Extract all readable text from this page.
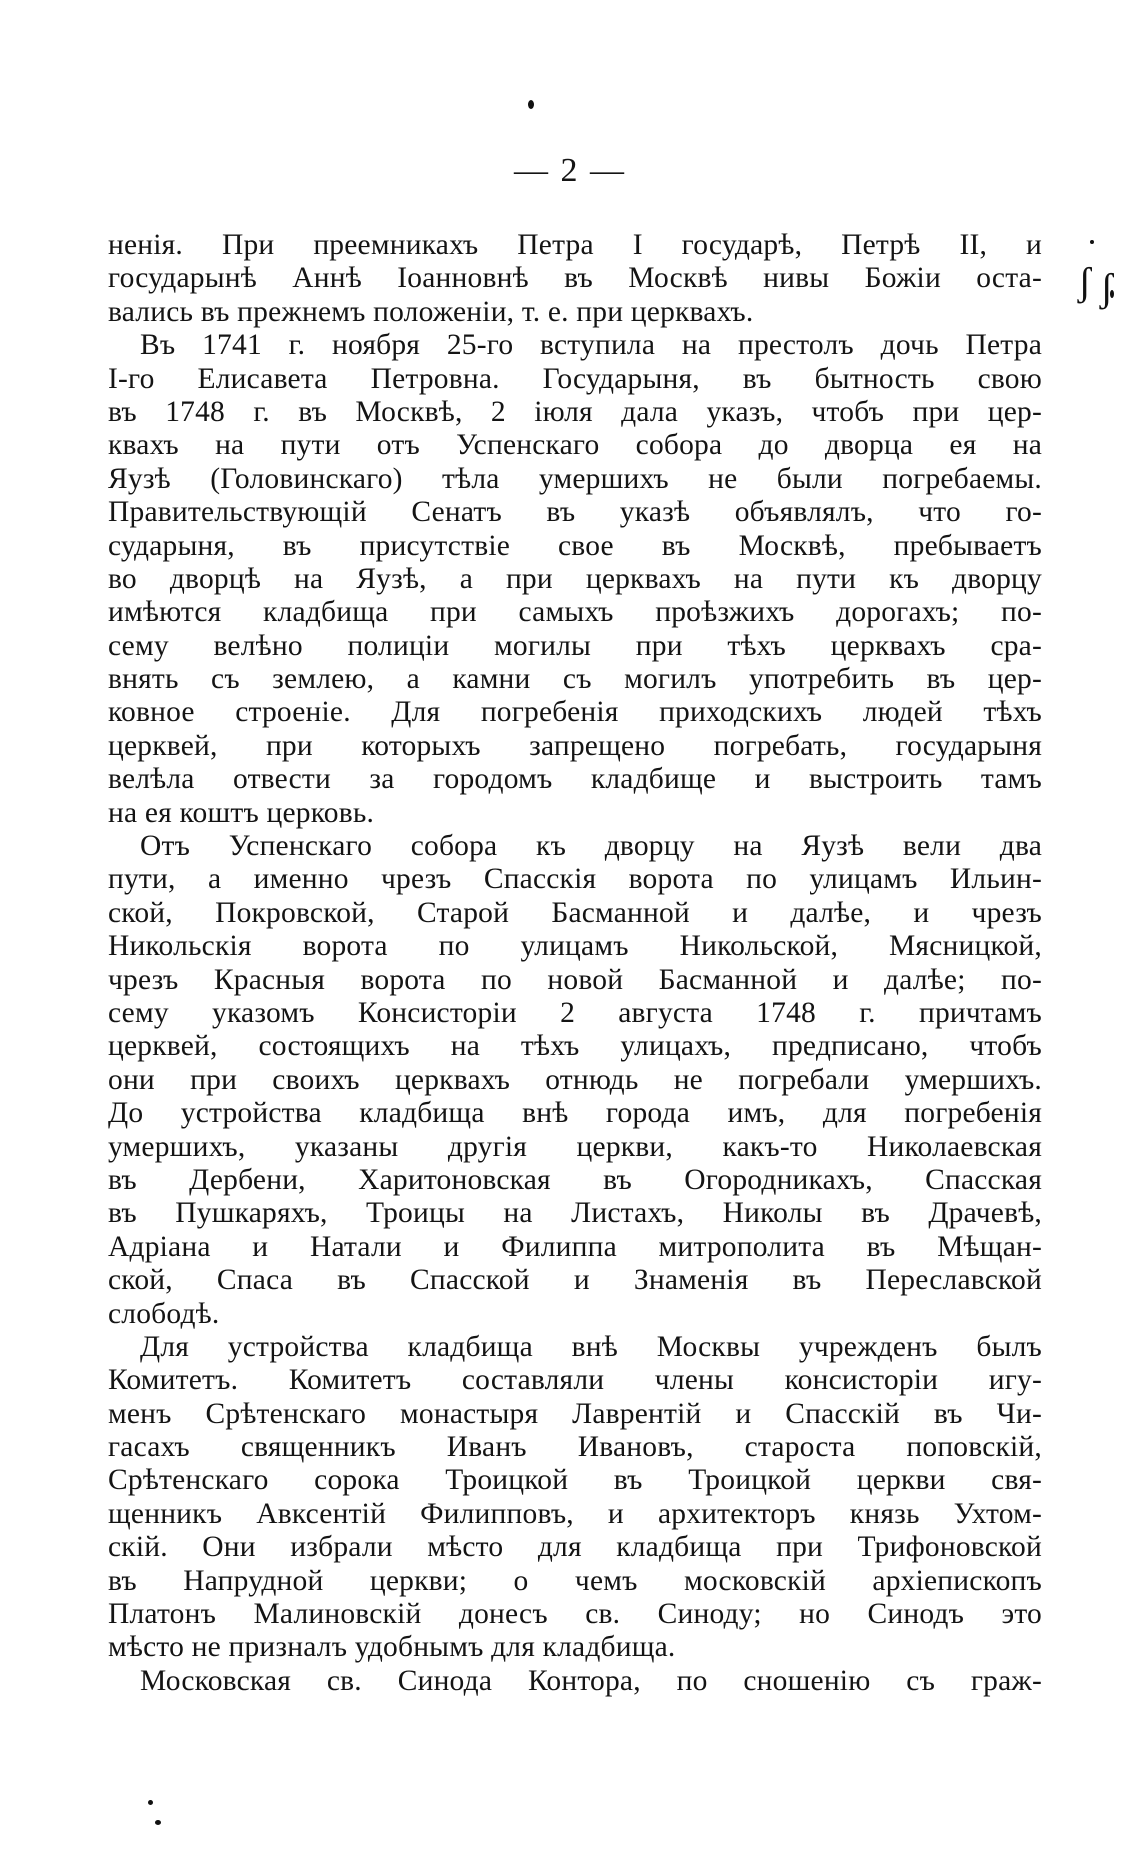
ʃ ʃ
— 2 —
ненія. При преемникахъ Петра I государѣ, Петрѣ II, и
государынѣ Аннѣ Іоанновнѣ въ Москвѣ нивы Божіи оста-
вались въ прежнемъ положеніи, т. е. при церквахъ.
Въ 1741 г. ноября 25-го вступила на престолъ дочь Петра
I-го Елисавета Петровна. Государыня, въ бытность свою
въ 1748 г. въ Москвѣ, 2 іюля дала указъ, чтобъ при цер-
квахъ на пути отъ Успенскаго собора до дворца ея на
Яузѣ (Головинскаго) тѣла умершихъ не были погребаемы.
Правительствующій Сенатъ въ указѣ объявлялъ, что го-
сударыня, въ присутствіе свое въ Москвѣ, пребываетъ
во дворцѣ на Яузѣ, а при церквахъ на пути къ дворцу
имѣются кладбища при самыхъ проѣзжихъ дорогахъ; по-
сему велѣно полиціи могилы при тѣхъ церквахъ сра-
внять съ землею, а камни съ могилъ употребить въ цер-
ковное строеніе. Для погребенія приходскихъ людей тѣхъ
церквей, при которыхъ запрещено погребать, государыня
велѣла отвести за городомъ кладбище и выстроить тамъ
на ея коштъ церковь.
Отъ Успенскаго собора къ дворцу на Яузѣ вели два
пути, а именно чрезъ Спасскія ворота по улицамъ Ильин-
ской, Покровской, Старой Басманной и далѣе, и чрезъ
Никольскія ворота по улицамъ Никольской, Мясницкой,
чрезъ Красныя ворота по новой Басманной и далѣе; по-
сему указомъ Консисторіи 2 августа 1748 г. причтамъ
церквей, состоящихъ на тѣхъ улицахъ, предписано, чтобъ
они при своихъ церквахъ отнюдь не погребали умершихъ.
До устройства кладбища внѣ города имъ, для погребенія
умершихъ, указаны другія церкви, какъ-то Николаевская
въ Дербени, Харитоновская въ Огородникахъ, Спасская
въ Пушкаряхъ, Троицы на Листахъ, Николы въ Драчевѣ,
Адріана и Натали и Филиппа митрополита въ Мѣщан-
ской, Спаса въ Спасской и Знаменія въ Переславской
слободѣ.
Для устройства кладбища внѣ Москвы учрежденъ былъ
Комитетъ. Комитетъ составляли члены консисторіи игу-
менъ Срѣтенскаго монастыря Лаврентій и Спасскій въ Чи-
гасахъ священникъ Иванъ Ивановъ, староста поповскій,
Срѣтенскаго сорока Троицкой въ Троицкой церкви свя-
щенникъ Авксентій Филипповъ, и архитекторъ князь Ухтом-
скій. Они избрали мѣсто для кладбища при Трифоновской
въ Напрудной церкви; о чемъ московскій архіепископъ
Платонъ Малиновскій донесъ св. Синоду; но Синодъ это
мѣсто не призналъ удобнымъ для кладбища.
Московская св. Синода Контора, по сношенію съ граж-
